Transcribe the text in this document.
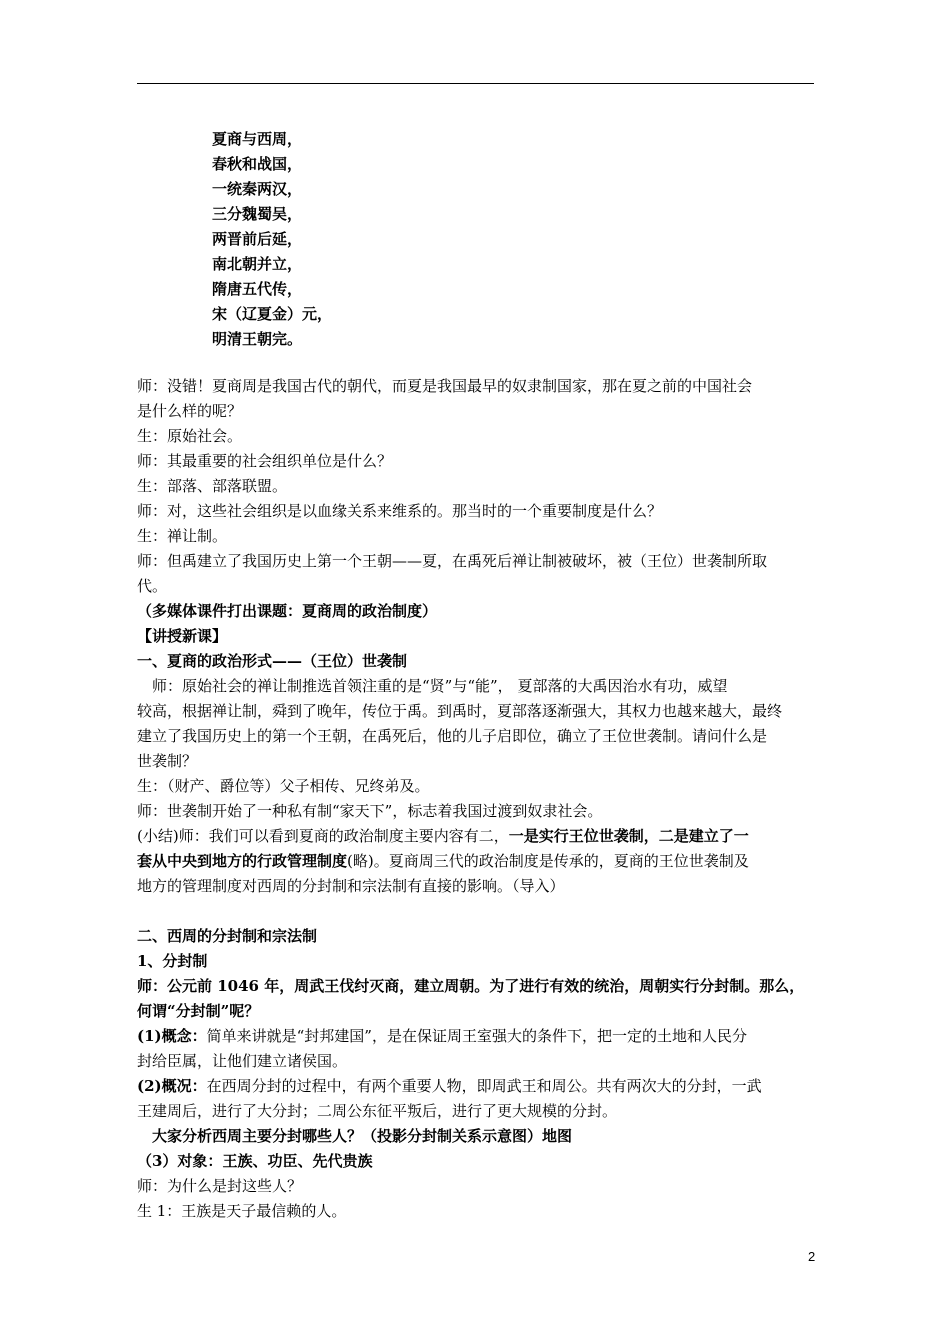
夏商与西周，
春秋和战国，
一统秦两汉，
三分魏蜀吴，
两晋前后延，
南北朝并立，
隋唐五代传，
宋（辽夏金）元，
明清王朝完。
师：没错！夏商周是我国古代的朝代，而夏是我国最早的奴隶制国家，那在夏之前的中国社会
是什么样的呢？
生：原始社会。
师：其最重要的社会组织单位是什么？
生：部落、部落联盟。
师：对，这些社会组织是以血缘关系来维系的。那当时的一个重要制度是什么？
生：禅让制。
师：但禹建立了我国历史上第一个王朝——夏，在禹死后禅让制被破坏，被（王位）世袭制所取
代。
（多媒体课件打出课题：夏商周的政治制度）
【讲授新课】
一、夏商的政治形式——（王位）世袭制
　师：原始社会的禅让制推选首领注重的是“贤”与“能”， 夏部落的大禹因治水有功，威望
较高，根据禅让制，舜到了晚年，传位于禹。到禹时，夏部落逐渐强大，其权力也越来越大，最终
建立了我国历史上的第一个王朝，在禹死后，他的儿子启即位，确立了王位世袭制。请问什么是
世袭制？
生：（财产、爵位等）父子相传、兄终弟及。
师：世袭制开始了一种私有制“家天下”，标志着我国过渡到奴隶社会。
(小结)师：我们可以看到夏商的政治制度主要内容有二，一是实行王位世袭制，二是建立了一
套从中央到地方的行政管理制度(略)。夏商周三代的政治制度是传承的，夏商的王位世袭制及
地方的管理制度对西周的分封制和宗法制有直接的影响。（导入）
二、西周的分封制和宗法制
1、分封制
师：公元前 1046 年，周武王伐纣灭商，建立周朝。为了进行有效的统治，周朝实行分封制。那么，
何谓“分封制”呢？
(1)概念：简单来讲就是“封邦建国”，是在保证周王室强大的条件下，把一定的土地和人民分
封给臣属，让他们建立诸侯国。
(2)概况：在西周分封的过程中，有两个重要人物，即周武王和周公。共有两次大的分封，一武
王建周后，进行了大分封；二周公东征平叛后，进行了更大规模的分封。
　大家分析西周主要分封哪些人？（投影分封制关系示意图）地图
（3）对象：王族、功臣、先代贵族
师：为什么是封这些人？
生 1：王族是天子最信赖的人。
2
